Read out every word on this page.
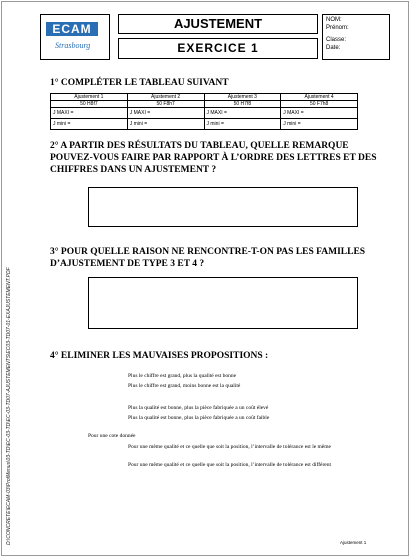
ECAM
Strasbourg
AJUSTEMENT
EXERCICE 1
NOM:
Prénom:
Classe:
Date:
D:\CONCRETE\ECAM-03\ProfMenus\03-TD\EC-03-TD\EC-03-TD07-AJUSTEMENTS\EC03-TD07-01-EXAJUSTEMENT.PDF
1° COMPLÉTER LE TABLEAU SUIVANT
Ajustement 1	Ajustement 2	Ajustement 3	Ajustement 4
50 H8f7	50 F8h7	50 H7f8	50 F7h8
J MAXI =	J MAXI =	J MAXI =	J MAXI =
J mini =	J mini =	J mini =	J mini =
2° A PARTIR DES RÉSULTATS DU TABLEAU, QUELLE REMARQUE POUVEZ-VOUS FAIRE PAR RAPPORT À L’ORDRE DES LETTRES ET DES CHIFFRES DANS UN AJUSTEMENT ?
3° POUR QUELLE RAISON NE RENCONTRE-T-ON PAS LES FAMILLES D’AJUSTEMENT DE TYPE 3 ET 4 ?
4° ELIMINER LES MAUVAISES PROPOSITIONS :
Plus le chiffre est grand, plus la qualité est bonne
Plus le chiffre est grand, moins bonne est la qualité
Plus la qualité est bonne, plus la pièce fabriquée a un coût élevé
Plus la qualité est bonne, plus la pièce fabriquée a un coût faible
Pour une cote donnée
Pour une même qualité et ce quelle que soit la position, l’intervalle de tolérance est le même
Pour une même qualité et ce quelle que soit la position, l’intervalle de tolérance est différent
Ajustement 1
